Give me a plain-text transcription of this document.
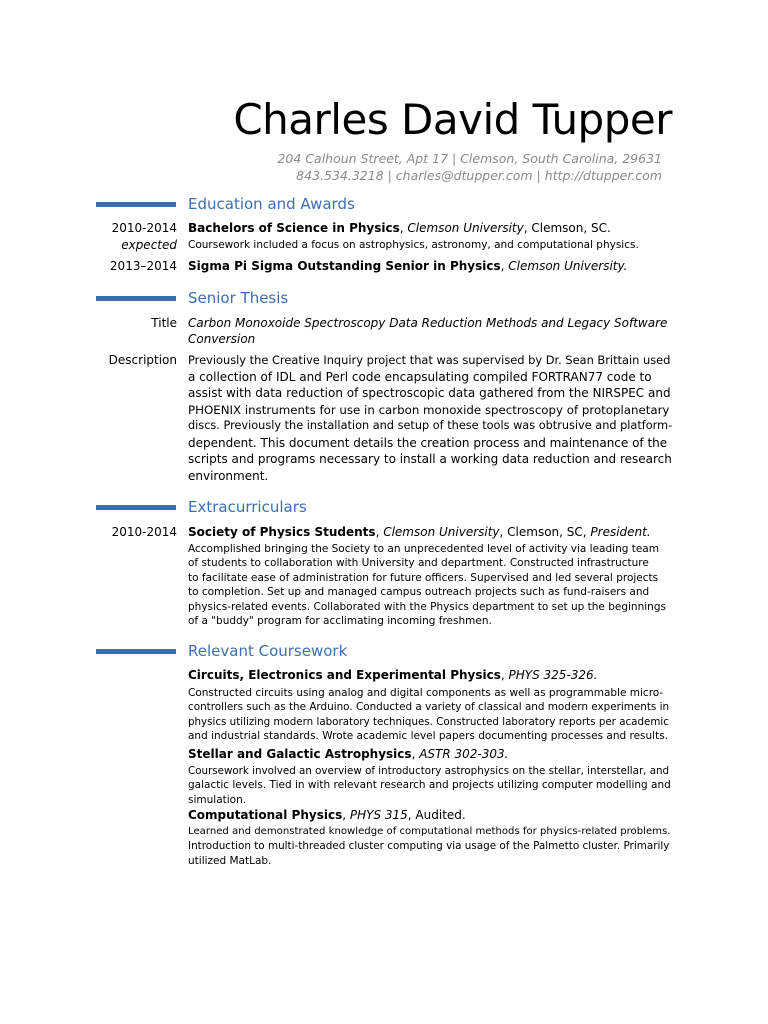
Charles David Tupper
204 Calhoun Street, Apt 17 | Clemson, South Carolina, 29631
843.534.3218 | charles@dtupper.com | http://dtupper.com
Education and Awards
2010-2014
expected
Bachelors of Science in Physics, Clemson University, Clemson, SC.
Coursework included a focus on astrophysics, astronomy, and computational physics.
2013–2014 Sigma Pi Sigma Outstanding Senior in Physics, Clemson University.
Senior Thesis
Title Carbon Monoxoide Spectroscopy Data Reduction Methods and Legacy Software
Conversion
Description Previously the Creative Inquiry project that was supervised by Dr. Sean Brittain used
a collection of IDL and Perl code encapsulating compiled FORTRAN77 code to
assist with data reduction of spectroscopic data gathered from the NIRSPEC and
PHOENIX instruments for use in carbon monoxide spectroscopy of protoplanetary
discs. Previously the installation and setup of these tools was obtrusive and platform-
dependent. This document details the creation process and maintenance of the
scripts and programs necessary to install a working data reduction and research
environment.
Extracurriculars
2010-2014 Society of Physics Students, Clemson University, Clemson, SC, President.
Accomplished bringing the Society to an unprecedented level of activity via leading team
of students to collaboration with University and department. Constructed infrastructure
to facilitate ease of administration for future officers. Supervised and led several projects
to completion. Set up and managed campus outreach projects such as fund-raisers and
physics-related events. Collaborated with the Physics department to set up the beginnings
of a "buddy" program for acclimating incoming freshmen.
Relevant Coursework
Circuits, Electronics and Experimental Physics, PHYS 325-326.
Constructed circuits using analog and digital components as well as programmable micro-
controllers such as the Arduino. Conducted a variety of classical and modern experiments in
physics utilizing modern laboratory techniques. Constructed laboratory reports per academic
and industrial standards. Wrote academic level papers documenting processes and results.
Stellar and Galactic Astrophysics, ASTR 302-303.
Coursework involved an overview of introductory astrophysics on the stellar, interstellar, and
galactic levels. Tied in with relevant research and projects utilizing computer modelling and
simulation.
Computational Physics, PHYS 315, Audited.
Learned and demonstrated knowledge of computational methods for physics-related problems.
Introduction to multi-threaded cluster computing via usage of the Palmetto cluster. Primarily
utilized MatLab.
